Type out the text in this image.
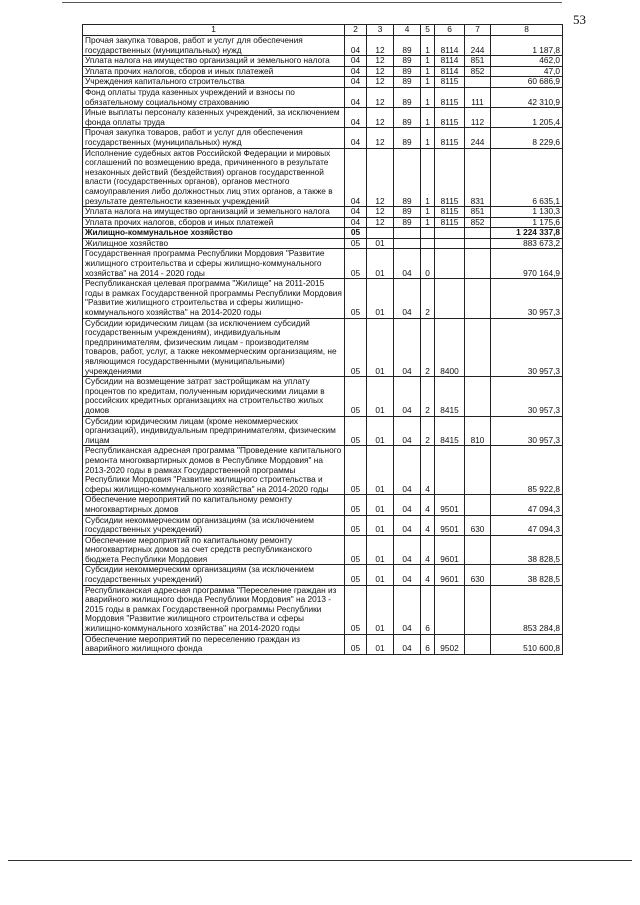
53
1	2	3	4	5	6	7	8
Прочая закупка товаров, работ и услуг для обеспечения государственных (муниципальных) нужд	04	12	89	1	8114	244	1 187,8
Уплата налога на имущество организаций и земельного налога	04	12	89	1	8114	851	462,0
Уплата прочих налогов, сборов и иных платежей	04	12	89	1	8114	852	47,0
Учреждения капитального строительства	04	12	89	1	8115		60 686,9
Фонд оплаты труда казенных учреждений и взносы по обязательному социальному страхованию	04	12	89	1	8115	111	42 310,9
Иные выплаты персоналу казенных учреждений, за исключением фонда оплаты труда	04	12	89	1	8115	112	1 205,4
Прочая закупка товаров, работ и услуг для обеспечения государственных (муниципальных) нужд	04	12	89	1	8115	244	8 229,6
Исполнение судебных актов Российской Федерации и мировых соглашений по возмещению вреда, причиненного в результате незаконных действий (бездействия) органов государственной власти (государственных органов), органов местного самоуправления либо должностных лиц этих органов, а также в результате деятельности казенных учреждений	04	12	89	1	8115	831	6 635,1
Уплата налога на имущество организаций и земельного налога	04	12	89	1	8115	851	1 130,3
Уплата прочих налогов, сборов и иных платежей	04	12	89	1	8115	852	1 175,6
Жилищно-коммунальное хозяйство	05						1 224 337,8
Жилищное хозяйство	05	01					883 673,2
Государственная программа Республики Мордовия "Развитие жилищного строительства и сферы жилищно-коммунального хозяйства" на 2014 - 2020 годы	05	01	04	0			970 164,9
Республиканская целевая программа "Жилище" на 2011-2015 годы в рамках Государственной программы Республики Мордовия "Развитие жилищного строительства и сферы жилищно-коммунального хозяйства" на 2014-2020 годы	05	01	04	2			30 957,3
Субсидии юридическим лицам (за исключением субсидий государственным учреждениям), индивидуальным предпринимателям, физическим лицам - производителям товаров, работ, услуг, а также некоммерческим организациям, не являющимся государственными (муниципальными) учреждениями	05	01	04	2	8400		30 957,3
Субсидии на возмещение затрат застройщикам на уплату процентов по кредитам, полученным юридическими лицами в российских кредитных организациях на строительство жилых домов	05	01	04	2	8415		30 957,3
Субсидии юридическим лицам (кроме некоммерческих организаций), индивидуальным предпринимателям, физическим лицам	05	01	04	2	8415	810	30 957,3
Республиканская адресная программа "Проведение капитального ремонта многоквартирных домов в Республике Мордовия" на 2013-2020 годы в рамках Государственной программы Республики Мордовия "Развитие жилищного строительства и сферы жилищно-коммунального хозяйства" на 2014-2020 годы	05	01	04	4			85 922,8
Обеспечение мероприятий по капитальному ремонту многоквартирных домов	05	01	04	4	9501		47 094,3
Субсидии некоммерческим организациям (за исключением государственных учреждений)	05	01	04	4	9501	630	47 094,3
Обеспечение мероприятий по капитальному ремонту многоквартирных домов за счет средств республиканского бюджета Республики Мордовия	05	01	04	4	9601		38 828,5
Субсидии некоммерческим организациям (за исключением государственных учреждений)	05	01	04	4	9601	630	38 828,5
Республиканская адресная программа "Переселение граждан из аварийного жилищного фонда Республики Мордовия" на 2013 - 2015 годы в рамках Государственной программы Республики Мордовия "Развитие жилищного строительства и сферы жилищно-коммунального хозяйства" на 2014-2020 годы	05	01	04	6			853 284,8
Обеспечение мероприятий по переселению граждан из аварийного жилищного фонда	05	01	04	6	9502		510 600,8
